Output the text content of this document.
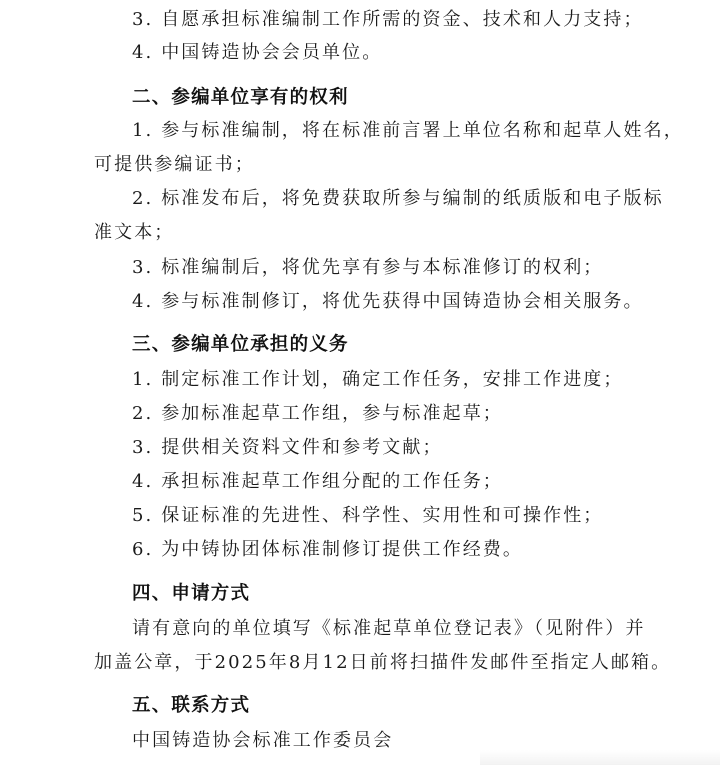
3. 自愿承担标准编制工作所需的资金、技术和人力支持；
4. 中国铸造协会会员单位。
二、参编单位享有的权利
1. 参与标准编制，将在标准前言署上单位名称和起草人姓名，
可提供参编证书；
2. 标准发布后，将免费获取所参与编制的纸质版和电子版标
准文本；
3. 标准编制后，将优先享有参与本标准修订的权利；
4. 参与标准制修订，将优先获得中国铸造协会相关服务。
三、参编单位承担的义务
1. 制定标准工作计划，确定工作任务，安排工作进度；
2. 参加标准起草工作组，参与标准起草；
3. 提供相关资料文件和参考文献；
4. 承担标准起草工作组分配的工作任务；
5. 保证标准的先进性、科学性、实用性和可操作性；
6. 为中铸协团体标准制修订提供工作经费。
四、申请方式
请有意向的单位填写《标准起草单位登记表》（见附件）并
加盖公章，于2025年8月12日前将扫描件发邮件至指定人邮箱。
五、联系方式
中国铸造协会标准工作委员会
